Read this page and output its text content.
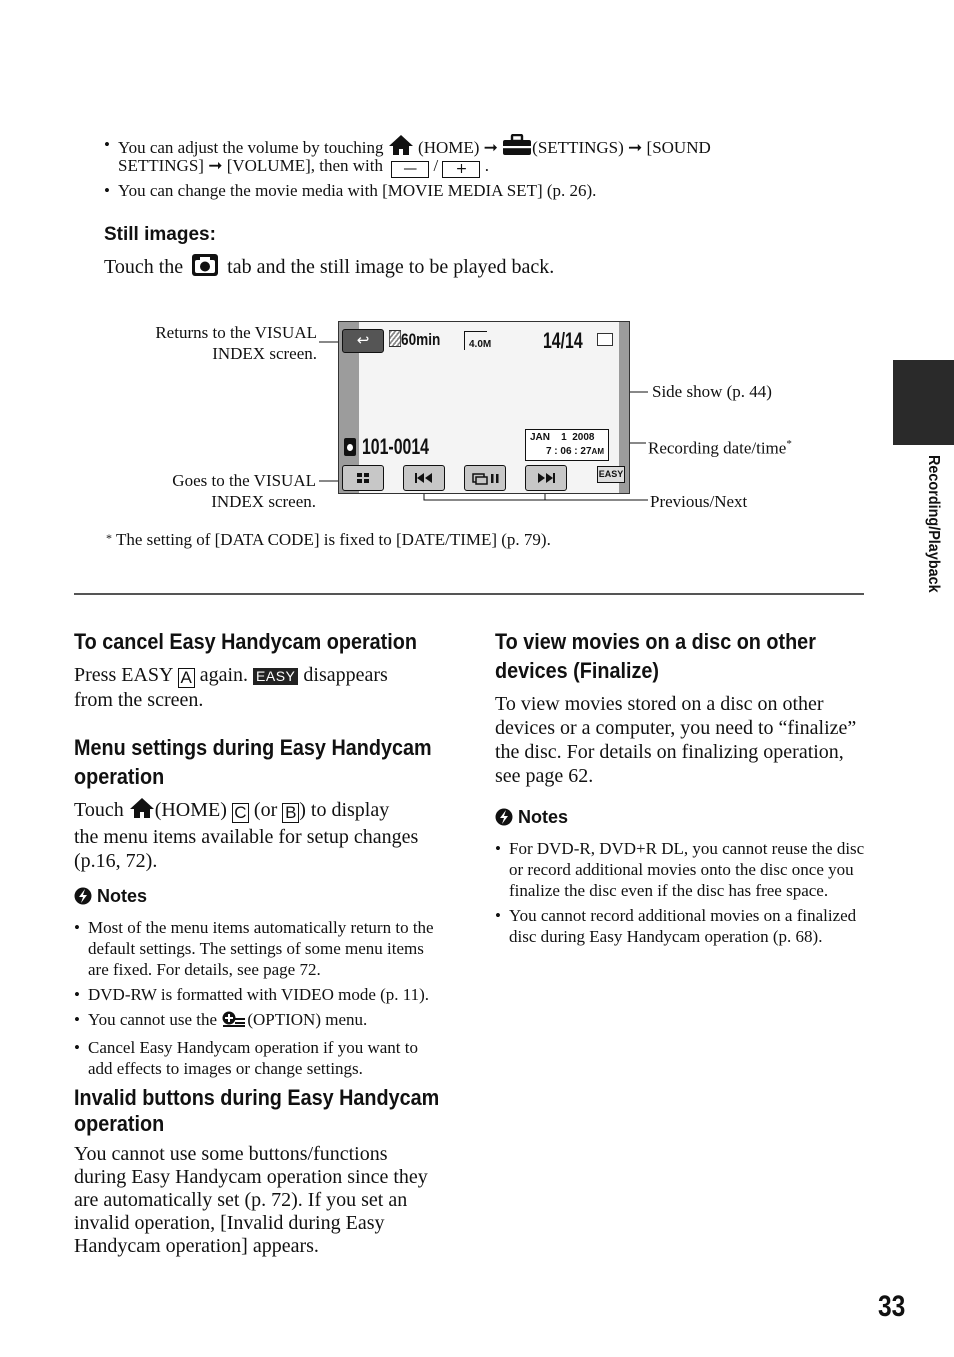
• You can adjust the volume by touching (HOME) ➞ (SETTINGS) ➞ [SOUND
SETTINGS] ➞ [VOLUME], then with — / + .
• You can change the movie media with [MOVIE MEDIA SET] (p. 26).
Still images:
Touch the tab and the still image to be played back.
Returns to the VISUAL
INDEX screen.
Goes to the VISUAL
INDEX screen.
Side show (p. 44)
Recording date/time*
Previous/Next
↩	60min	4.0M 14/14
101-0014	JAN    1  2008
7 : 06 : 27AM
EASY
* The setting of [DATA CODE] is fixed to [DATE/TIME] (p. 79).
To cancel Easy Handycam operation

Press EASY A again. EASY disappears
from the screen.

Menu settings during Easy Handycam
operation

Touch (HOME) C (or B ) to display
the menu items available for setup changes
(p.16, 72).

Notes
• Most of the menu items automatically return to the default settings. The settings of some menu items are fixed. For details, see page 72.
• DVD-RW is formatted with VIDEO mode (p. 11).
• You cannot use the (OPTION) menu.
• Cancel Easy Handycam operation if you want to add effects to images or change settings.
Invalid buttons during Easy Handycam
operation

You cannot use some buttons/functions during Easy Handycam operation since they are automatically set (p. 72). If you set an invalid operation, [Invalid during Easy Handycam operation] appears.

To view movies on a disc on other
devices (Finalize)

To view movies stored on a disc on other devices or a computer, you need to “finalize” the disc. For details on finalizing operation, see page 62.

Notes
• For DVD-R, DVD+R DL, you cannot reuse the disc or record additional movies onto the disc once you finalize the disc even if the disc has free space.
• You cannot record additional movies on a finalized disc during Easy Handycam operation (p. 68).
Recording/Playback
33
